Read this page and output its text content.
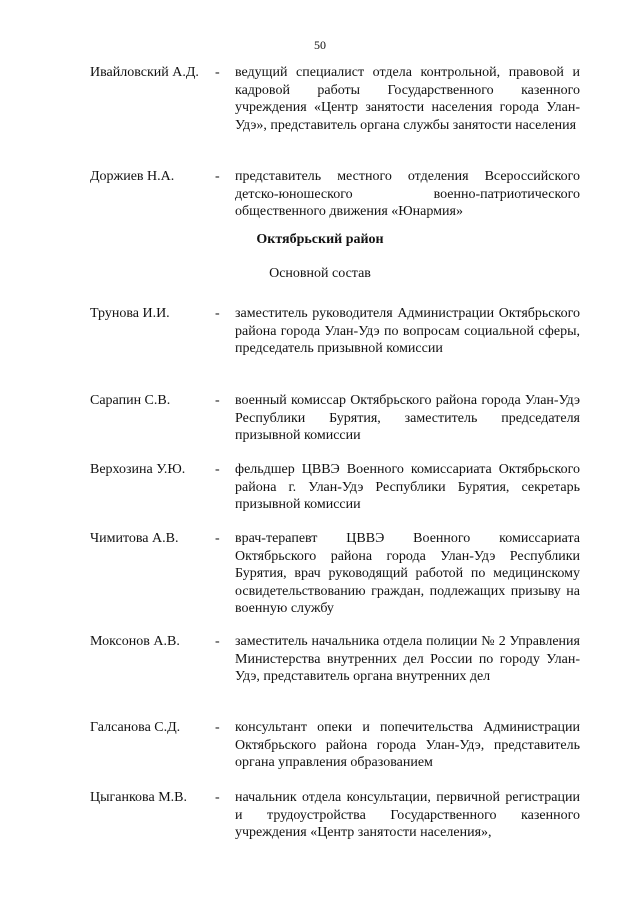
50
Ивайловский А.Д. - ведущий специалист отдела контрольной, правовой и кадровой работы Государственного казенного учреждения «Центр занятости населения города Улан-Удэ», представитель органа службы занятости населения
Доржиев Н.А.	- представитель местного отделения Всероссийского детско-юношеского военно-патриотического общественного движения «Юнармия»
Октябрьский район
Основной состав
Трунова И.И.	- заместитель руководителя Администрации Октябрьского района города Улан-Удэ по вопросам социальной сферы, председатель призывной комиссии
Сарапин С.В.	- военный комиссар Октябрьского района города Улан-Удэ Республики Бурятия, заместитель председателя призывной комиссии
Верхозина У.Ю.	- фельдшер ЦВВЭ Военного комиссариата Октябрьского района г. Улан-Удэ Республики Бурятия, секретарь призывной комиссии
Чимитова А.В.	- врач-терапевт ЦВВЭ Военного комиссариата Октябрьского района города Улан-Удэ Республики Бурятия, врач руководящий работой по медицинскому освидетельствованию граждан, подлежащих призыву на военную службу
Моксонов А.В.	- заместитель начальника отдела полиции № 2 Управления Министерства внутренних дел России по городу Улан-Удэ, представитель органа внутренних дел
Галсанова С.Д.	- консультант опеки и попечительства Администрации Октябрьского района города Улан-Удэ, представитель органа управления образованием
Цыганкова М.В.	- начальник отдела консультации, первичной регистрации и трудоустройства Государственного казенного учреждения «Центр занятости населения»,
